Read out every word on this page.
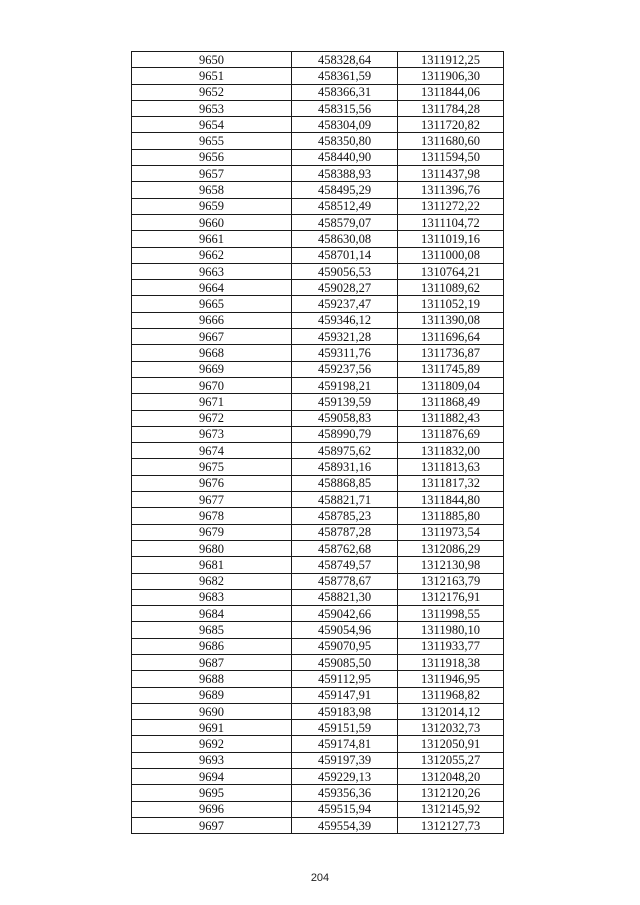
9650	458328,64	1311912,25
9651	458361,59	1311906,30
9652	458366,31	1311844,06
9653	458315,56	1311784,28
9654	458304,09	1311720,82
9655	458350,80	1311680,60
9656	458440,90	1311594,50
9657	458388,93	1311437,98
9658	458495,29	1311396,76
9659	458512,49	1311272,22
9660	458579,07	1311104,72
9661	458630,08	1311019,16
9662	458701,14	1311000,08
9663	459056,53	1310764,21
9664	459028,27	1311089,62
9665	459237,47	1311052,19
9666	459346,12	1311390,08
9667	459321,28	1311696,64
9668	459311,76	1311736,87
9669	459237,56	1311745,89
9670	459198,21	1311809,04
9671	459139,59	1311868,49
9672	459058,83	1311882,43
9673	458990,79	1311876,69
9674	458975,62	1311832,00
9675	458931,16	1311813,63
9676	458868,85	1311817,32
9677	458821,71	1311844,80
9678	458785,23	1311885,80
9679	458787,28	1311973,54
9680	458762,68	1312086,29
9681	458749,57	1312130,98
9682	458778,67	1312163,79
9683	458821,30	1312176,91
9684	459042,66	1311998,55
9685	459054,96	1311980,10
9686	459070,95	1311933,77
9687	459085,50	1311918,38
9688	459112,95	1311946,95
9689	459147,91	1311968,82
9690	459183,98	1312014,12
9691	459151,59	1312032,73
9692	459174,81	1312050,91
9693	459197,39	1312055,27
9694	459229,13	1312048,20
9695	459356,36	1312120,26
9696	459515,94	1312145,92
9697	459554,39	1312127,73
204
